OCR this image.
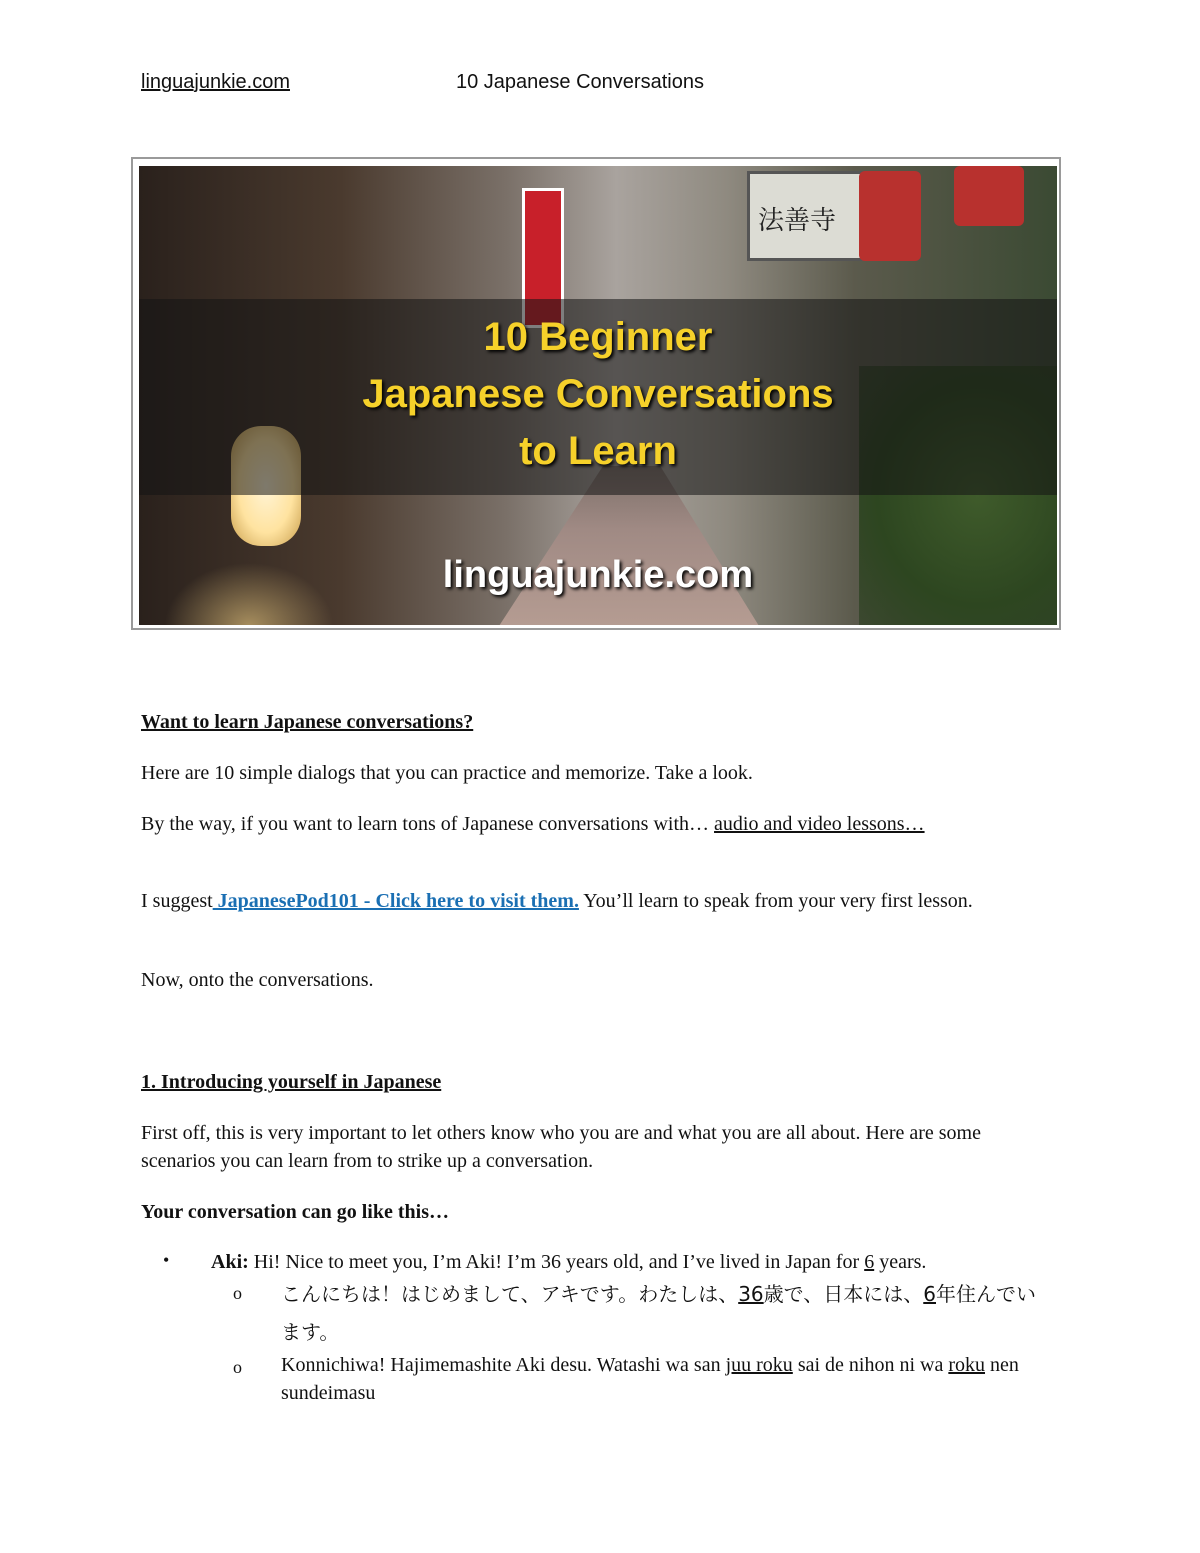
linguajunkie.com	10 Japanese Conversations
法善寺
10 Beginner
Japanese Conversations
to Learn
linguajunkie.com
Want to learn Japanese conversations?
Here are 10 simple dialogs that you can practice and memorize. Take a look.
By the way, if you want to learn tons of Japanese conversations with… audio and video lessons…
I suggest JapanesePod101 - Click here to visit them. You’ll learn to speak from your very first lesson.
Now, onto the conversations.
1. Introducing yourself in Japanese
First off, this is very important to let others know who you are and what you are all about. Here are some scenarios you can learn from to strike up a conversation.
Your conversation can go like this…
• Aki: Hi! Nice to meet you, I’m Aki! I’m 36 years old, and I’ve lived in Japan for 6 years.
o こんにちは！はじめまして、アキです。わたしは、36歳で、日本には、6年住んでいます。
o Konnichiwa! Hajimemashite Aki desu. Watashi wa san juu roku sai de nihon ni wa roku nen sundeimasu
